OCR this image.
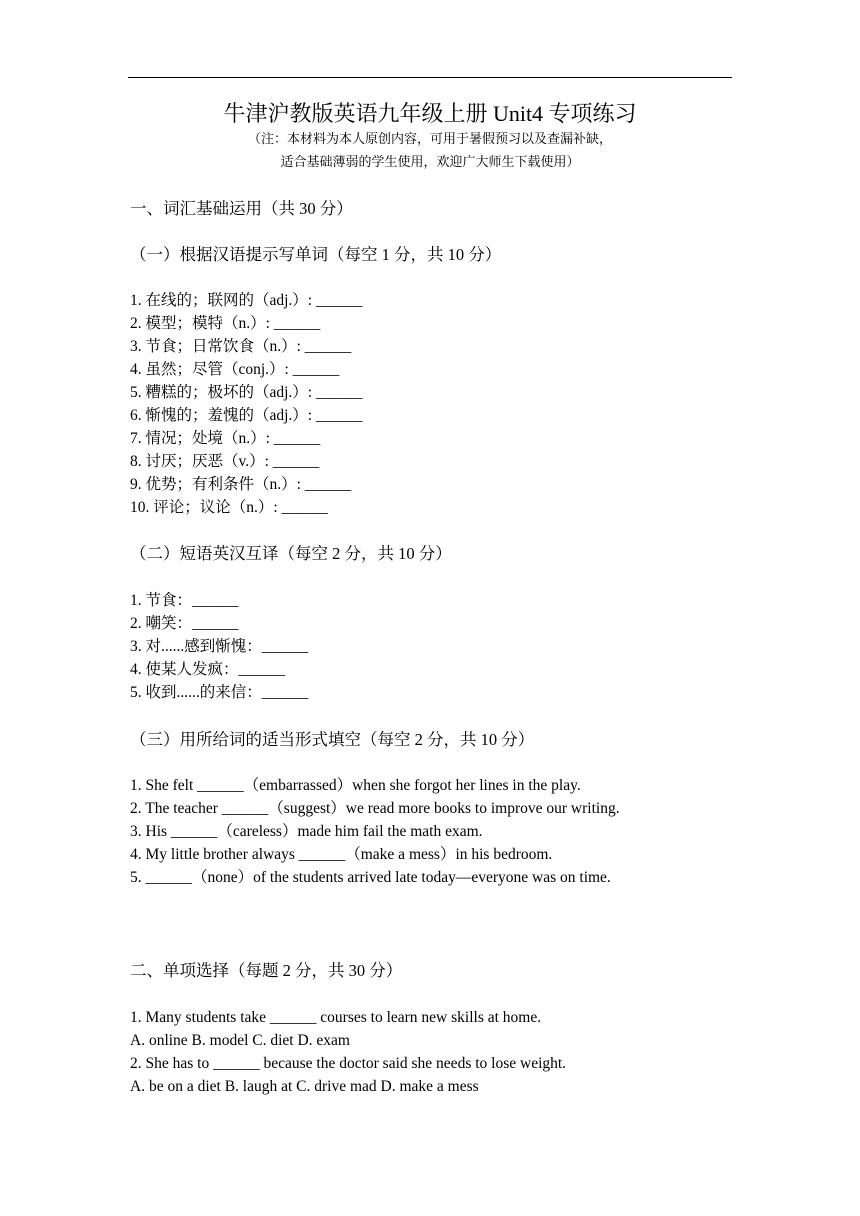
牛津沪教版英语九年级上册 Unit4 专项练习
（注：本材料为本人原创内容，可用于暑假预习以及查漏补缺，
适合基础薄弱的学生使用，欢迎广大师生下载使用）
一、词汇基础运用（共 30 分）
（一）根据汉语提示写单词（每空 1 分，共 10 分）
1. 在线的；联网的（adj.）: ______
2. 模型；模特（n.）: ______
3. 节食；日常饮食（n.）: ______
4. 虽然；尽管（conj.）: ______
5. 糟糕的；极坏的（adj.）: ______
6. 惭愧的；羞愧的（adj.）: ______
7. 情况；处境（n.）: ______
8. 讨厌；厌恶（v.）: ______
9. 优势；有利条件（n.）: ______
10. 评论；议论（n.）: ______
（二）短语英汉互译（每空 2 分，共 10 分）
1. 节食：______
2. 嘲笑：______
3. 对......感到惭愧：______
4. 使某人发疯：______
5. 收到......的来信：______
（三）用所给词的适当形式填空（每空 2 分，共 10 分）
1. She felt ______（embarrassed）when she forgot her lines in the play.
2. The teacher ______（suggest）we read more books to improve our writing.
3. His ______（careless）made him fail the math exam.
4. My little brother always ______（make a mess）in his bedroom.
5. ______（none）of the students arrived late today—everyone was on time.
二、单项选择（每题 2 分，共 30 分）
1. Many students take ______ courses to learn new skills at home.
A. online B. model C. diet D. exam
2. She has to ______ because the doctor said she needs to lose weight.
A. be on a diet B. laugh at C. drive mad D. make a mess
